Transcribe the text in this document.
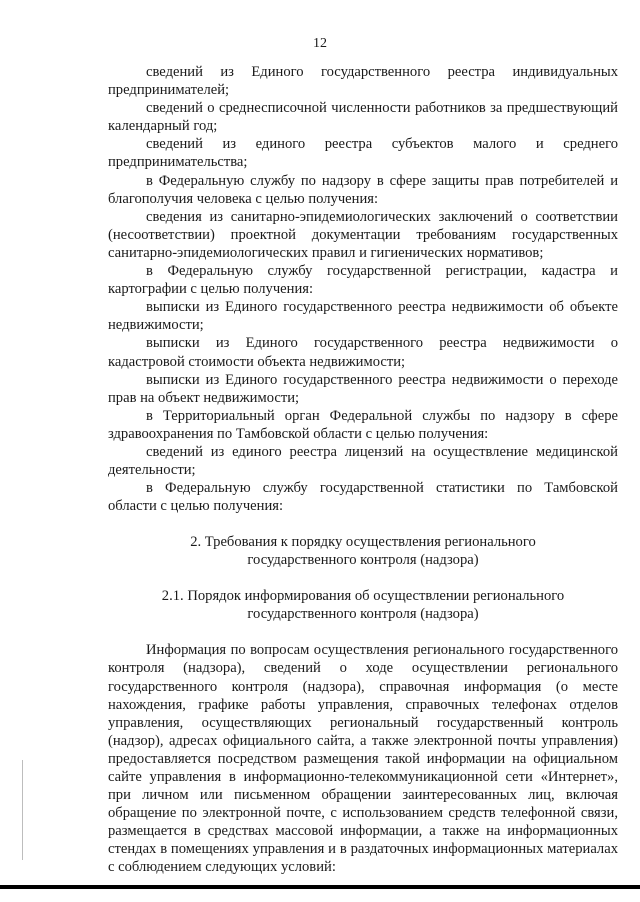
12

сведений из Единого государственного реестра индивидуальных предпринимателей;

сведений о среднесписочной численности работников за предшествующий календарный год;

сведений из единого реестра субъектов малого и среднего предпринимательства;

в Федеральную службу по надзору в сфере защиты прав потребителей и благополучия человека с целью получения:

сведения из санитарно-эпидемиологических заключений о соответствии (несоответствии) проектной документации требованиям государственных санитарно-эпидемиологических правил и гигиенических нормативов;

в Федеральную службу государственной регистрации, кадастра и картографии с целью получения:

выписки из Единого государственного реестра недвижимости об объекте недвижимости;

выписки из Единого государственного реестра недвижимости о кадастровой стоимости объекта недвижимости;

выписки из Единого государственного реестра недвижимости о переходе прав на объект недвижимости;

в Территориальный орган Федеральной службы по надзору в сфере здравоохранения по Тамбовской области с целью получения:

сведений из единого реестра лицензий на осуществление медицинской деятельности;

в Федеральную службу государственной статистики по Тамбовской области с целью получения:

2. Требования к порядку осуществления регионального
государственного контроля (надзора)
2.1. Порядок информирования об осуществлении регионального
государственного контроля (надзора)

Информация по вопросам осуществления регионального государственного контроля (надзора), сведений о ходе осуществлении регионального государственного контроля (надзора), справочная информация (о месте нахождения, графике работы управления, справочных телефонах отделов управления, осуществляющих региональный государственный контроль (надзор), адресах официального сайта, а также электронной почты управления) предоставляется посредством размещения такой информации на официальном сайте управления в информационно-телекоммуникационной сети «Интернет», при личном или письменном обращении заинтересованных лиц, включая обращение по электронной почте, с использованием средств телефонной связи, размещается в средствах массовой информации, а также на информационных стендах в помещениях управления и в раздаточных информационных материалах с соблюдением следующих условий:
